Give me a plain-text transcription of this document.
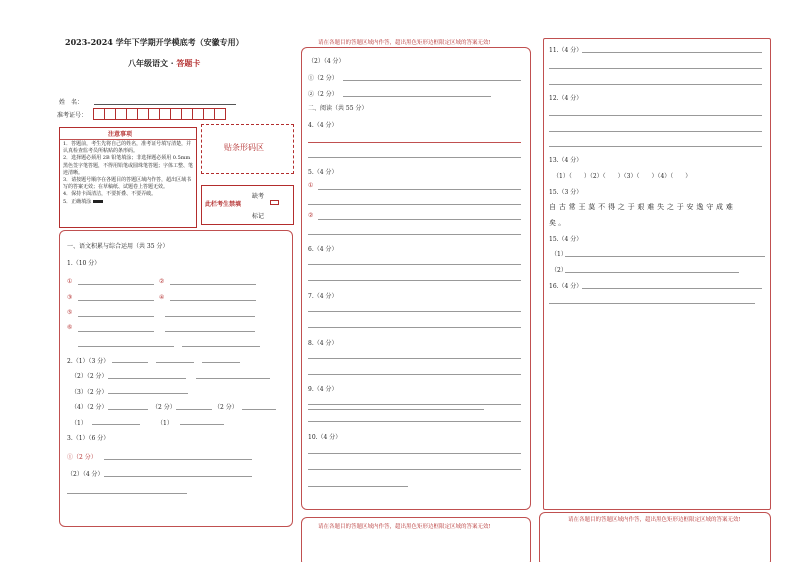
2023-2024 学年下学期开学模底考（安徽专用）
八年级语文 · 答题卡
姓　名：
准考证号：
注意事项
1．答题前，考生先将自己的姓名，准考证号填写清楚，并认真检查监考员所粘贴的条形码。
2．选择题必须用 2B 铅笔填涂；非选择题必须用 0.5mm 黑色签字笔答题，不得用铅笔或圆珠笔答题；字体工整、笔迹清晰。
3．请按题号顺序在各题目的答题区域内作答，超出区域书写的答案无效；在草稿纸、试题卷上答题无效。
4．保持卡面清洁，不要折叠、不要弄破。
5．正确填涂
贴条形码区
此栏考生禁填
缺考
标记
一、语文积累与综合运用（共 35 分）
1.（10 分）
①	②
③	④
⑤
⑥
2.（1）（3 分）
（2）（2 分）
（3）（2 分）
（4）（2 分）	（2 分）	（2 分）
（1）	（1）
3.（1）（6 分）
①（2 分）
（2）（4 分）
请在各题目的答题区域内作答，超出黑色矩形边框限定区域的答案无效!
（2）（4 分）
①（2 分）
②（2 分）
二、阅读（共 55 分）
4.（4 分）
5.（4 分）
①
②
6.（4 分）
7.（4 分）
8.（4 分）
9.（4 分）
10.（4 分）
请在各题目的答题区域内作答，超出黑色矩形边框限定区域的答案无效!
11.（4 分）
12.（4 分）
13.（4 分）
（1）（　　）（2）（　　）（3）（　　）（4）（　　）
15.（3 分）
自 古 常 王 莫 不 得 之 于 艰 难 失 之 于 安 逸 守 成 难
矣 。
15.（4 分）
（1）
（2）
16.（4 分）
请在各题目的答题区域内作答，超出黑色矩形边框限定区域的答案无效!
